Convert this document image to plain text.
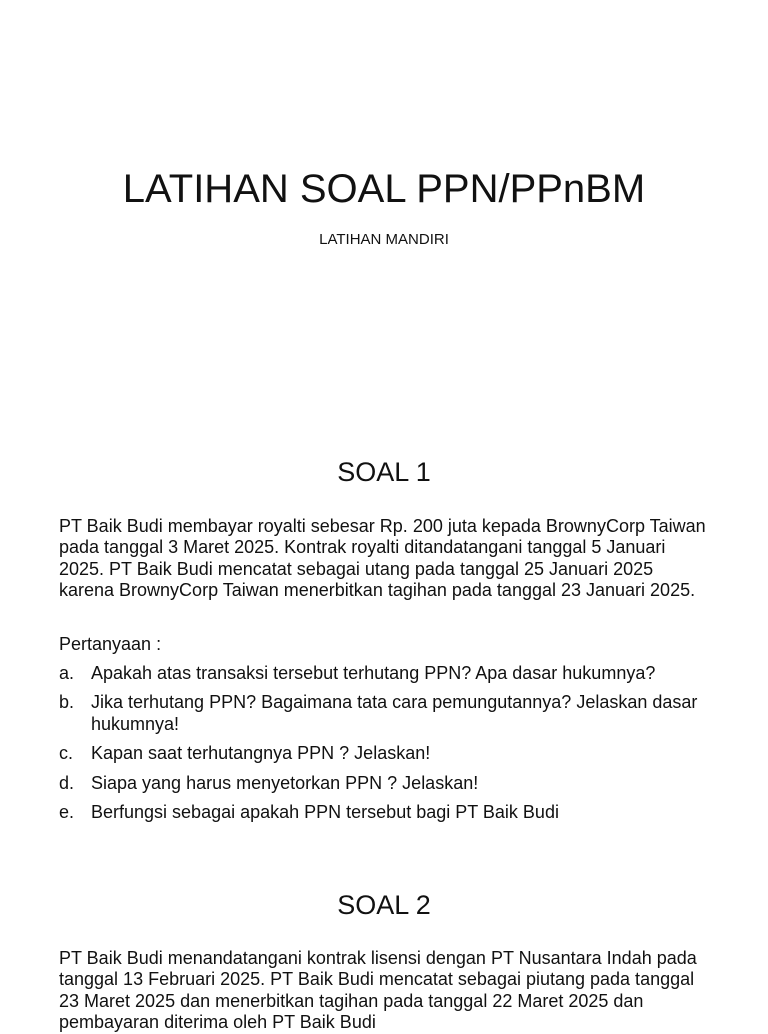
LATIHAN SOAL PPN/PPnBM
LATIHAN MANDIRI
SOAL 1
PT Baik Budi membayar royalti sebesar Rp. 200 juta kepada BrownyCorp Taiwan pada tanggal 3 Maret 2025. Kontrak royalti ditandatangani tanggal 5 Januari 2025. PT Baik Budi mencatat sebagai utang pada tanggal 25 Januari 2025 karena BrownyCorp Taiwan menerbitkan tagihan pada tanggal 23 Januari 2025.
Pertanyaan :
a. Apakah atas transaksi tersebut terhutang PPN? Apa dasar hukumnya?
b. Jika terhutang PPN? Bagaimana tata cara pemungutannya? Jelaskan dasar hukumnya!
c. Kapan saat terhutangnya PPN ? Jelaskan!
d. Siapa yang harus menyetorkan PPN ? Jelaskan!
e. Berfungsi sebagai apakah PPN tersebut bagi PT Baik Budi
SOAL 2
PT Baik Budi menandatangani kontrak lisensi dengan PT Nusantara Indah pada tanggal 13 Februari 2025. PT Baik Budi mencatat sebagai piutang pada tanggal 23 Maret 2025 dan menerbitkan tagihan pada tanggal 22 Maret 2025 dan pembayaran diterima oleh PT Baik Budi
